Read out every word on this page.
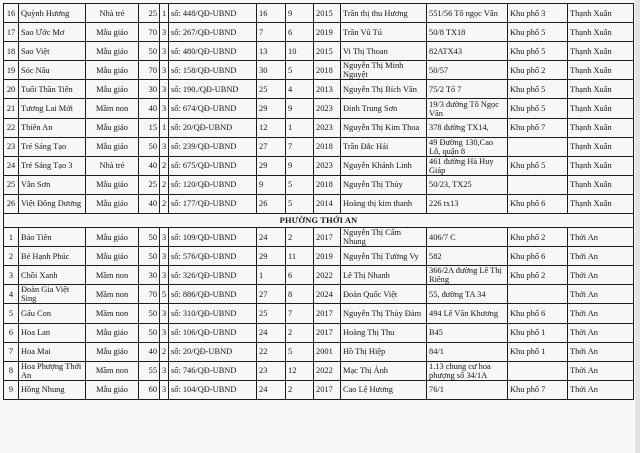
16	Quỳnh Hương	Nhà trẻ	25	1	số: 448/QĐ-UBND	16	9	2015	Trần thị thu Hương	551/56 Tô ngọc Vân	Khu phố 3	Thạnh Xuân
17	Sao Ước Mơ	Mẫu giáo	70	3	số: 267/QĐ-UBND	7	6	2019	Trần Vũ Tú	50/8 TX18	Khu phố 5	Thạnh Xuân
18	Sao Việt	Mẫu giáo	50	3	số: 480/QĐ-UBND	13	10	2015	Vi Thị Thoan	82ATX43	Khu phố 5	Thạnh Xuân
19	Sóc Nâu	Mẫu giáo	70	3	số: 158/QĐ-UBND	30	5	2018	Nguyễn Thị Minh Nguyệt	50/57	Khu phố 2	Thạnh Xuân
20	Tuổi Thần Tiên	Mẫu giáo	30	3	số: 190./QĐ-UBND	25	4	2013	Nguyễn Thị Bích Vân	75/2 Tổ 7	Khu phố 5	Thạnh Xuân
21	Tương Lai Mới	Mầm non	40	3	số: 674/QĐ-UBND	29	9	2023	Đinh Trung Sơn	19/3 đường Tô Ngọc Vân	Khu phố 5	Thạnh Xuân
22	Thiên An	Mẫu giáo	15	1	số: 20/QĐ-UBND	12	1	2023	Nguyễn Thị Kim Thoa	378 đường TX14,	Khu phố 7	Thạnh Xuân
23	Trẻ Sáng Tạo	Mẫu giáo	50	3	số: 239/QĐ-UBND	27	7	2018	Trần Đắc Hải	49 Đường 130,Cao Lỗ, quận 8		Thạnh Xuân
24	Trẻ Sáng Tạo 3	Nhà trẻ	40	2	số: 675/QĐ-UBND	29	9	2023	Nguyễn Khánh Linh	461 đường Hà Huy Giáp	Khu phố 5	Thạnh Xuân
25	Vân Sơn	Mẫu giáo	25	2	số: 120/QĐ-UBND	9	5	2018	Nguyễn Thị Thủy	50/23, TX25		Thạnh Xuân
26	Việt Đông Dương	Mẫu giáo	40	2	số: 177/QĐ-UBND	26	5	2014	Hoàng thị kim thanh	226 tx13	Khu phố 6	Thạnh Xuân
PHƯỜNG THỚI AN												
1	Bảo Tiên	Mẫu giáo	50	3	số: 109/QĐ-UBND	24	2	2017	Nguyễn Thị Cẩm Nhung	406/7 C	Khu phố 2	Thới An
2	Bé Hạnh Phúc	Mẫu giáo	50	3	số: 576/QĐ-UBND	29	11	2019	Nguyễn Thị Tường Vy	582	Khu phố 6	Thới An
3	Chồi Xanh	Mầm non	30	3	số: 326/QĐ-UBND	1	6	2022	Lê Thị Nhanh	366/2A đường Lê Thị Riêng	Khu phố 2	Thới An
4	Đoàn Gia Việt Sing	Mầm non	70	5	số: 886/QĐ-UBND	27	8	2024	Đoàn Quốc Việt	55, đường TA 34		Thới An
5	Gấu Con	Mầm non	50	3	số: 310/QĐ-UBND	25	7	2017	Nguyễn Thị Thủy Đàm	494 Lê Văn Khương	Khu phố 6	Thới An
6	Hoa Lan	Mẫu giáo	50	3	số: 106/QĐ-UBND	24	2	2017	Hoàng Thị Thu	B45	Khu phố 1	Thới An
7	Hoa Mai	Mẫu giáo	40	2	số: 20/QĐ-UBND	22	5	2001	Hồ Thị Hiệp	84/1	Khu phố 1	Thới An
8	Hoa Phượng Thới An	Mầm non	55	3	số: 746/QĐ-UBND	23	12	2022	Mạc Thị Ánh	1.13 chung cư hoa phượng số 34/1A		Thới An
9	Hồng Nhung	Mẫu giáo	60	3	số: 104/QĐ-UBND	24	2	2017	Cao Lệ Hương	76/1	Khu phố 7	Thới An
